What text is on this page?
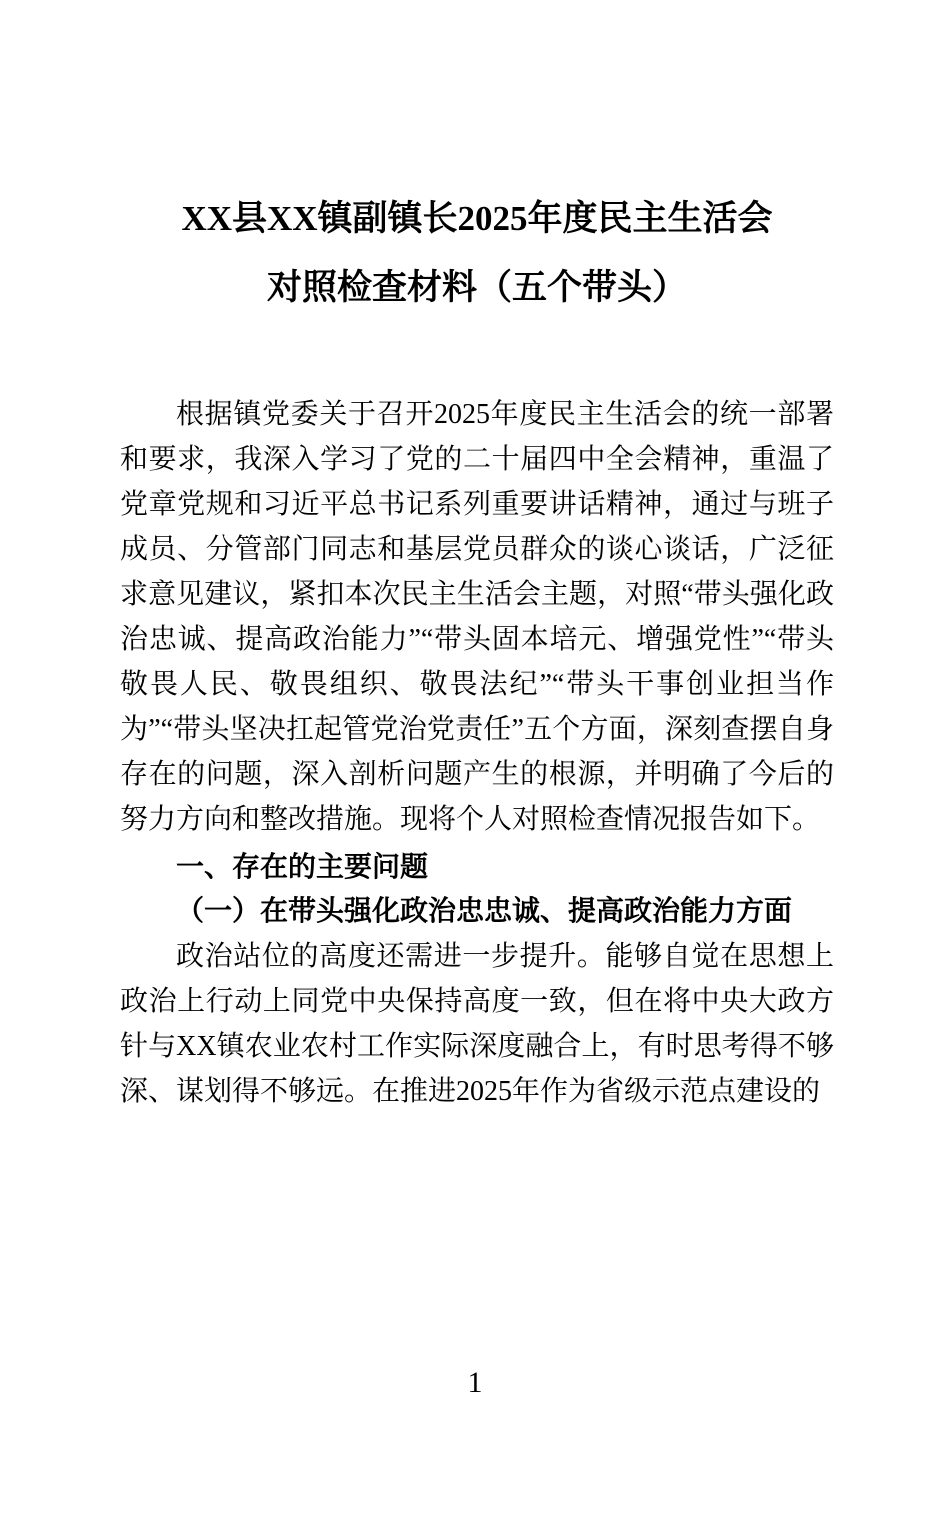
XX县XX镇副镇长2025年度民主生活会
对照检查材料（五个带头）

根据镇党委关于召开2025年度民主生活会的统一部署和要求，我深入学习了党的二十届四中全会精神，重温了党章党规和习近平总书记系列重要讲话精神，通过与班子成员、分管部门同志和基层党员群众的谈心谈话，广泛征求意见建议，紧扣本次民主生活会主题，对照“带头强化政治忠诚、提高政治能力”“带头固本培元、增强党性”“带头敬畏人民、敬畏组织、敬畏法纪”“带头干事创业担当作为”“带头坚决扛起管党治党责任”五个方面，深刻查摆自身存在的问题，深入剖析问题产生的根源，并明确了今后的努力方向和整改措施。现将个人对照检查情况报告如下。

一、存在的主要问题
（一）在带头强化政治忠忠诚、提高政治能力方面

政治站位的高度还需进一步提升。能够自觉在思想上政治上行动上同党中央保持高度一致，但在将中央大政方针与XX镇农业农村工作实际深度融合上，有时思考得不够深、谋划得不够远。在推进2025年作为省级示范点建设的

1
